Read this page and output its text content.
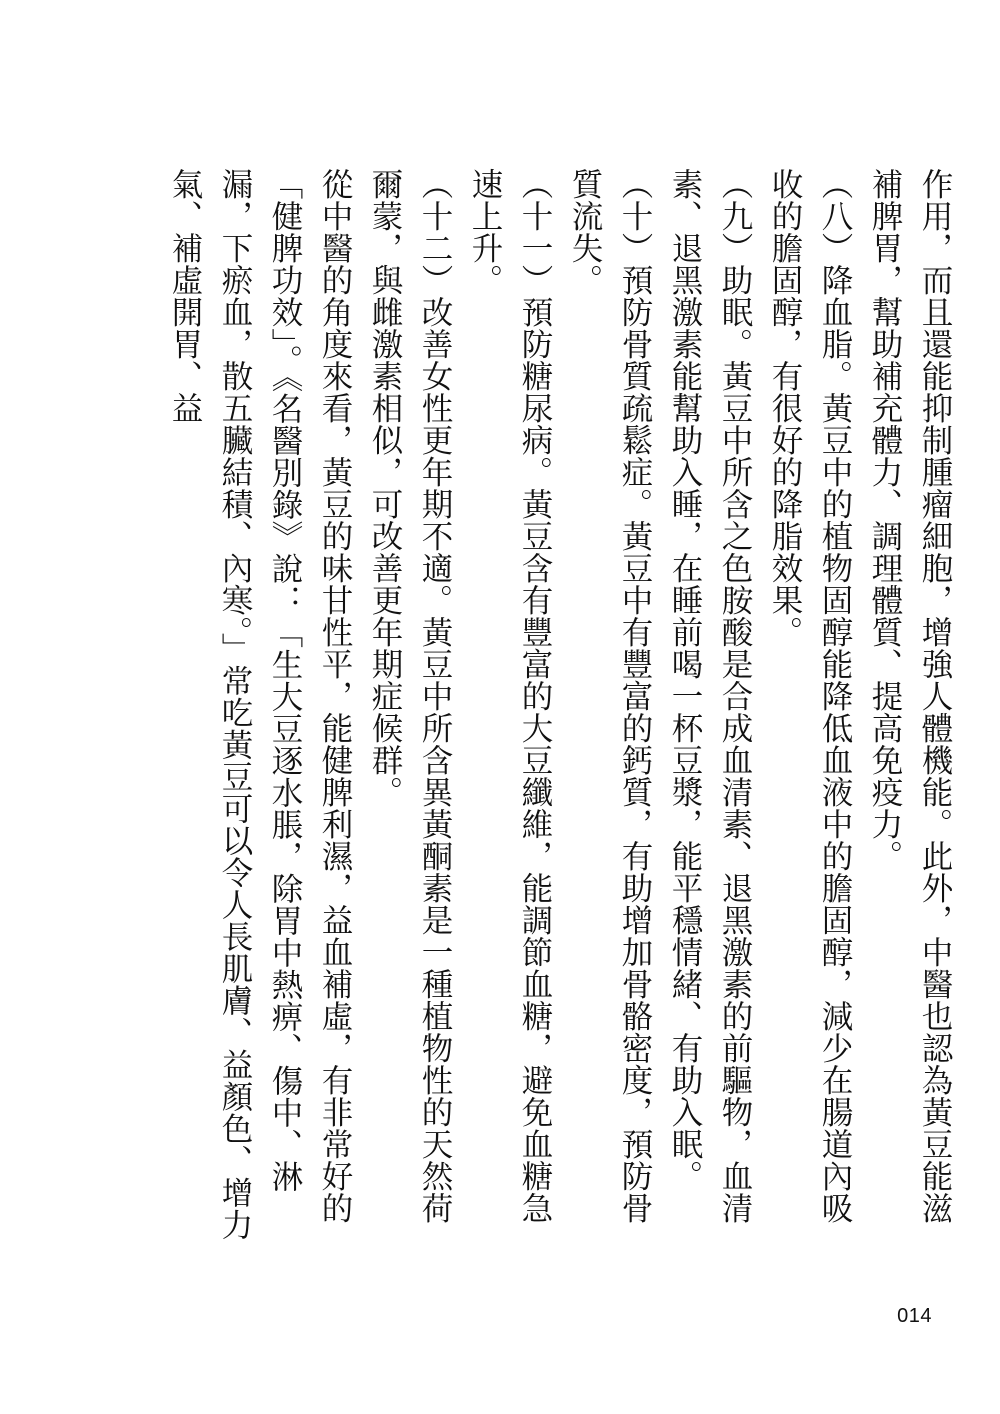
作用，而且還能抑制腫瘤細胞，增強人體機能。此外，中醫也認為黃豆能滋補脾胃，幫助補充體力、調理體質、提高免疫力。

（八）降血脂。黃豆中的植物固醇能降低血液中的膽固醇，減少在腸道內吸收的膽固醇，有很好的降脂效果。

（九）助眠。黃豆中所含之色胺酸是合成血清素、退黑激素的前驅物，血清素、退黑激素能幫助入睡，在睡前喝一杯豆漿，能平穩情緒、有助入眠。

（十）預防骨質疏鬆症。黃豆中有豐富的鈣質，有助增加骨骼密度，預防骨質流失。

（十一）預防糖尿病。黃豆含有豐富的大豆纖維，能調節血糖，避免血糖急速上升。

（十二）改善女性更年期不適。黃豆中所含異黃酮素是一種植物性的天然荷爾蒙，與雌激素相似，可改善更年期症候群。

從中醫的角度來看，黃豆的味甘性平，能健脾利濕，益血補虛，有非常好的「健脾功效」。《名醫別錄》說：「生大豆逐水脹，除胃中熱痹、傷中、淋漏，下瘀血，散五臟結積、內寒。」常吃黃豆可以令人長肌膚、益顏色、增力氣、補虛開胃、益

014
